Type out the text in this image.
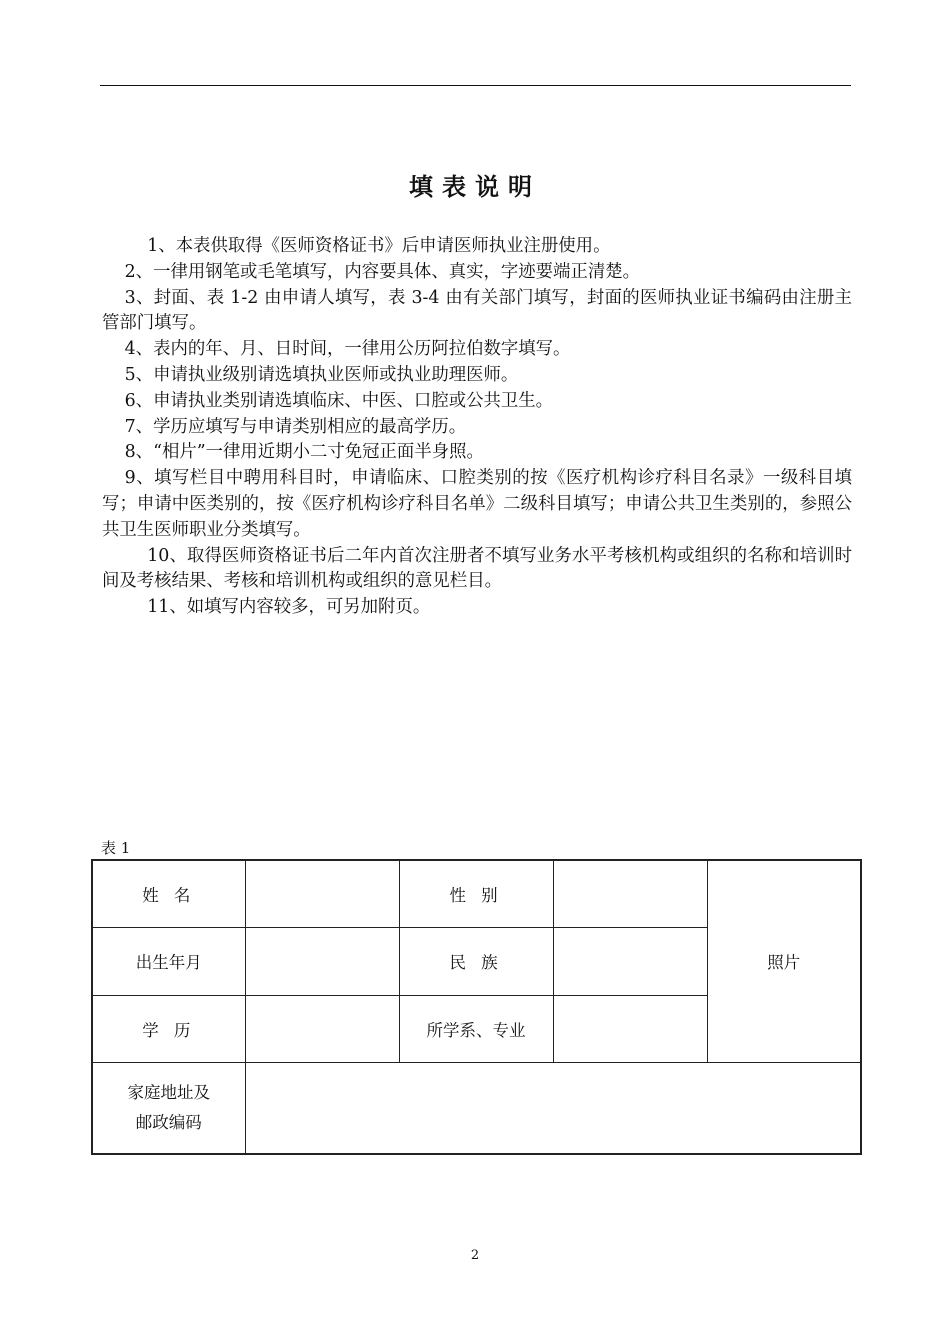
填表说明

1、本表供取得《医师资格证书》后申请医师执业注册使用。

2、一律用钢笔或毛笔填写，内容要具体、真实，字迹要端正清楚。

3、封面、表 1-2 由申请人填写，表 3-4 由有关部门填写，封面的医师执业证书编码由注册主管部门填写。

4、表内的年、月、日时间，一律用公历阿拉伯数字填写。

5、申请执业级别请选填执业医师或执业助理医师。

6、申请执业类别请选填临床、中医、口腔或公共卫生。

7、学历应填写与申请类别相应的最高学历。

8、“相片”一律用近期小二寸免冠正面半身照。

9、填写栏目中聘用科目时，申请临床、口腔类别的按《医疗机构诊疗科目名录》一级科目填写；申请中医类别的，按《医疗机构诊疗科目名单》二级科目填写；申请公共卫生类别的，参照公共卫生医师职业分类填写。

10、取得医师资格证书后二年内首次注册者不填写业务水平考核机构或组织的名称和培训时间及考核结果、考核和培训机构或组织的意见栏目。

11、如填写内容较多，可另加附页。

表 1
姓 名		性 别		照片
出生年月		民 族		
学 历		所学系、专业		

家庭地址及
邮政编码				

2
